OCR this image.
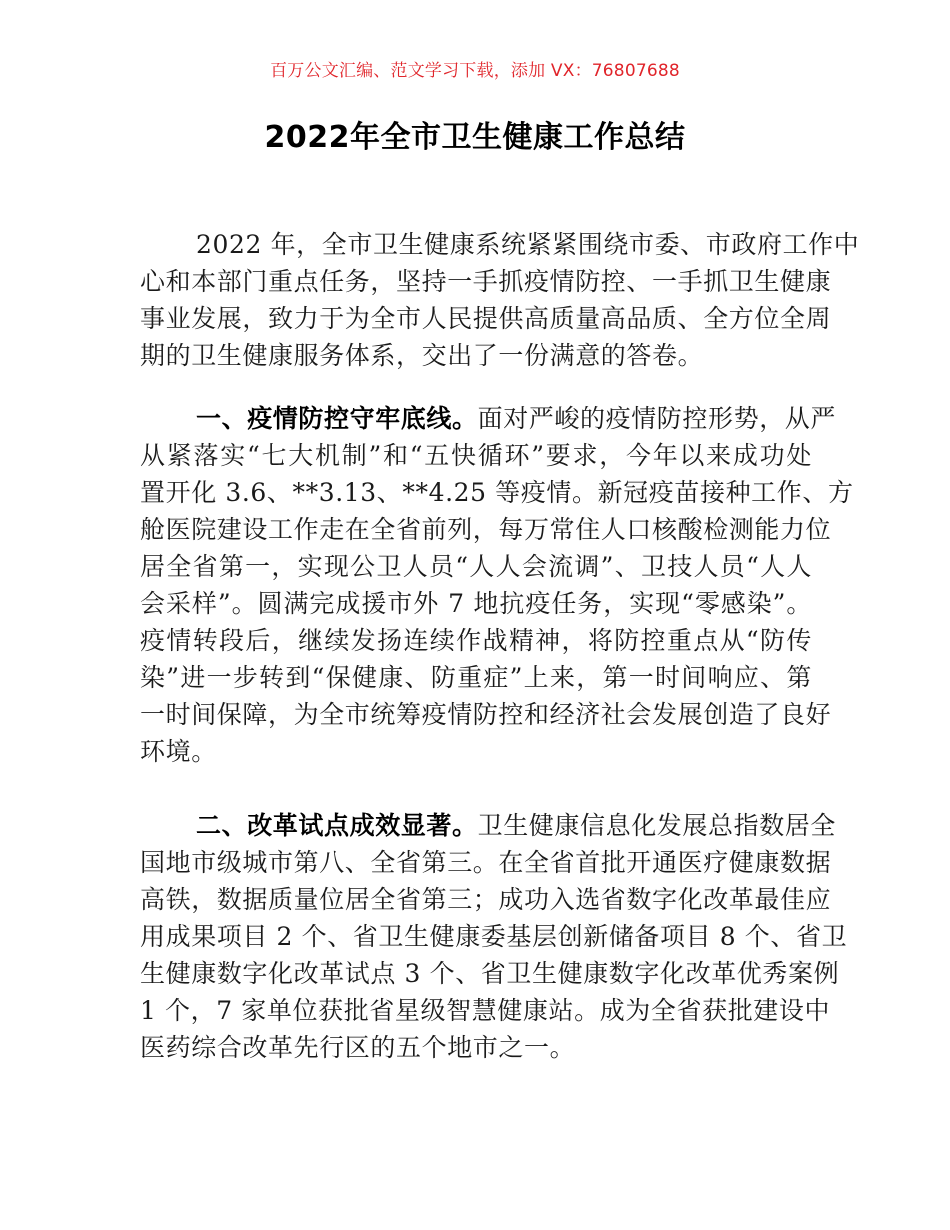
百万公文汇编、范文学习下载，添加 VX：76807688
2022年全市卫生健康工作总结
2022 年，全市卫生健康系统紧紧围绕市委、市政府工作中
心和本部门重点任务，坚持一手抓疫情防控、一手抓卫生健康
事业发展，致力于为全市人民提供高质量高品质、全方位全周
期的卫生健康服务体系，交出了一份满意的答卷。
一、疫情防控守牢底线。面对严峻的疫情防控形势，从严
从紧落实“七大机制”和“五快循环”要求，今年以来成功处
置开化 3.6、**3.13、**4.25 等疫情。新冠疫苗接种工作、方
舱医院建设工作走在全省前列，每万常住人口核酸检测能力位
居全省第一，实现公卫人员“人人会流调”、卫技人员“人人
会采样”。圆满完成援市外 7 地抗疫任务，实现“零感染”。
疫情转段后，继续发扬连续作战精神，将防控重点从“防传
染”进一步转到“保健康、防重症”上来，第一时间响应、第
一时间保障，为全市统筹疫情防控和经济社会发展创造了良好
环境。
二、改革试点成效显著。卫生健康信息化发展总指数居全
国地市级城市第八、全省第三。在全省首批开通医疗健康数据
高铁，数据质量位居全省第三；成功入选省数字化改革最佳应
用成果项目 2 个、省卫生健康委基层创新储备项目 8 个、省卫
生健康数字化改革试点 3 个、省卫生健康数字化改革优秀案例
1 个，7 家单位获批省星级智慧健康站。成为全省获批建设中
医药综合改革先行区的五个地市之一。
